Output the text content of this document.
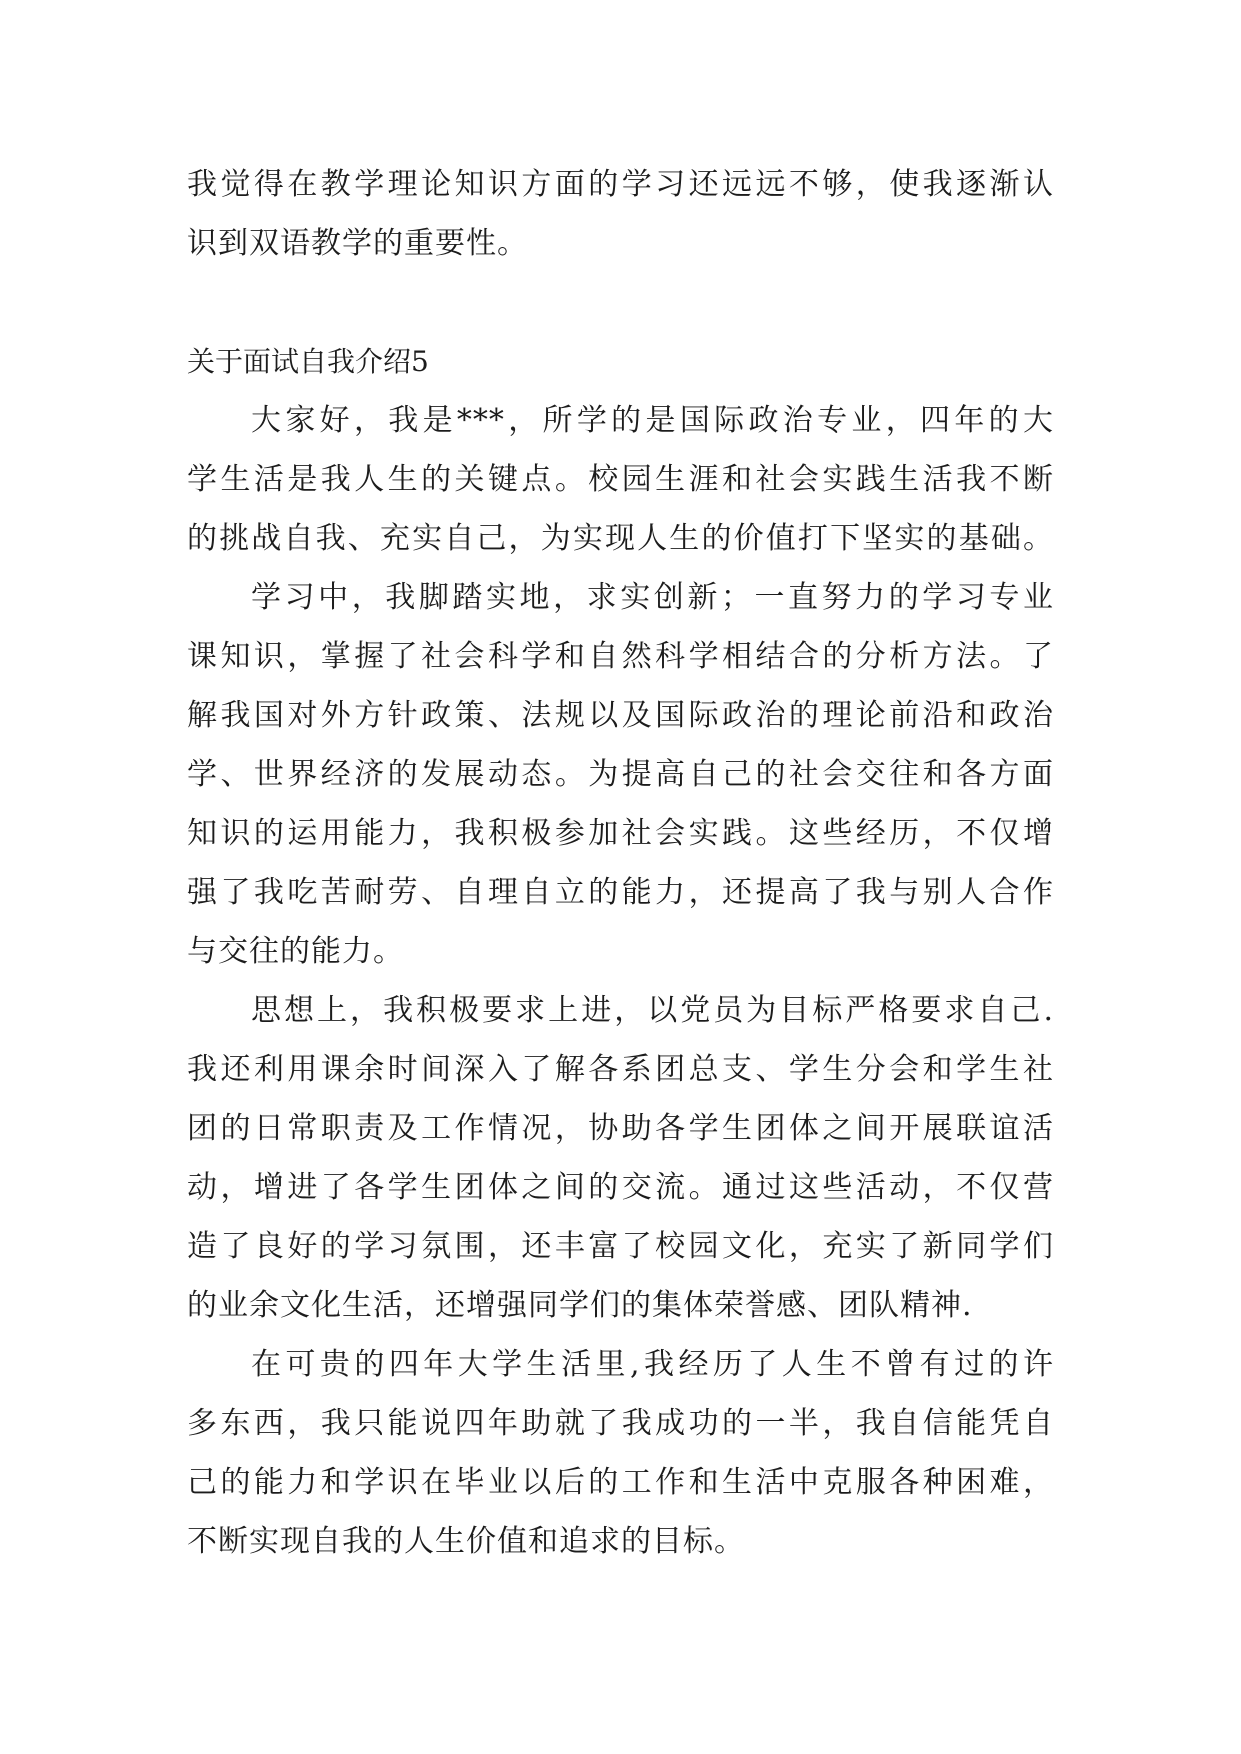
我觉得在教学理论知识方面的学习还远远不够，使我逐渐认
识到双语教学的重要性。
关于面试自我介绍5
大家好，我是***，所学的是国际政治专业，四年的大
学生活是我人生的关键点。校园生涯和社会实践生活我不断
的挑战自我、充实自己，为实现人生的价值打下坚实的基础。
学习中，我脚踏实地，求实创新；一直努力的学习专业
课知识，掌握了社会科学和自然科学相结合的分析方法。了
解我国对外方针政策、法规以及国际政治的理论前沿和政治
学、世界经济的发展动态。为提高自己的社会交往和各方面
知识的运用能力，我积极参加社会实践。这些经历，不仅增
强了我吃苦耐劳、自理自立的能力，还提高了我与别人合作
与交往的能力。
思想上，我积极要求上进，以党员为目标严格要求自己.
我还利用课余时间深入了解各系团总支、学生分会和学生社
团的日常职责及工作情况，协助各学生团体之间开展联谊活
动，增进了各学生团体之间的交流。通过这些活动，不仅营
造了良好的学习氛围，还丰富了校园文化，充实了新同学们
的业余文化生活，还增强同学们的集体荣誉感、团队精神.
在可贵的四年大学生活里,我经历了人生不曾有过的许
多东西，我只能说四年助就了我成功的一半，我自信能凭自
己的能力和学识在毕业以后的工作和生活中克服各种困难，
不断实现自我的人生价值和追求的目标。
